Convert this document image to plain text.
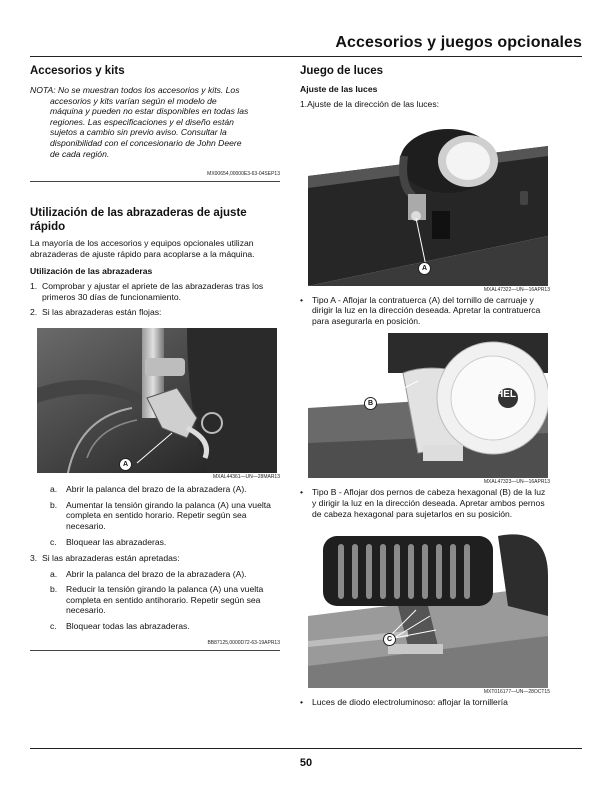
Accesorios y juegos opcionales
Accesorios y kits
NOTA: No se muestran todos los accesorios y kits. Los
accesorios y kits varían según el modelo de
máquina y pueden no estar disponibles en todas las
regiones. Las especificaciones y el diseño están
sujetos a cambio sin previo aviso. Consultar la
disponibilidad con el concesionario de John Deere
de cada región.
MX00654,00000E3-63-04SEP13
Utilización de las abrazaderas de ajuste rápido

La mayoría de los accesorios y equipos opcionales utilizan abrazaderas de ajuste rápido para acoplarse a la máquina.

Utilización de las abrazaderas
1. Comprobar y ajustar el apriete de las abrazaderas tras los primeros 30 días de funcionamiento.

2. Si las abrazaderas están flojas:

A
MXAL44361—UN—28MAR13
a.	Abrir la palanca del brazo de la abrazadera (A).

b.	Aumentar la tensión girando la palanca (A) una vuelta completa en sentido horario. Repetir según sea necesario.

c.	Bloquear las abrazaderas.

3. Si las abrazaderas están apretadas:

a.	Abrir la palanca del brazo de la abrazadera (A).

b.	Reducir la tensión girando la palanca (A) una vuelta completa en sentido antihorario. Repetir según sea necesario.

c.	Bloquear todas las abrazaderas.

BB87125,0000D72-63-19APR13
Juego de luces
Ajuste de las luces

1.Ajuste de la dirección de las luces:

A
MXAL47322—UN—16APR13
•	Tipo A - Aflojar la contratuerca (A) del tornillo de carruaje y dirigir la luz en la dirección deseada. Apretar la contratuerca para asegurarla en posición.

B
HEL
MXAL47323—UN—16APR13
•	Tipo B - Aflojar dos pernos de cabeza hexagonal (B) de la luz y dirigir la luz en la dirección deseada. Apretar ambos pernos de cabeza hexagonal para sujetarlos en su posición.

C
MXT016177—UN—28OCT15
•	Luces de diodo electroluminoso: aflojar la tornillería

50
